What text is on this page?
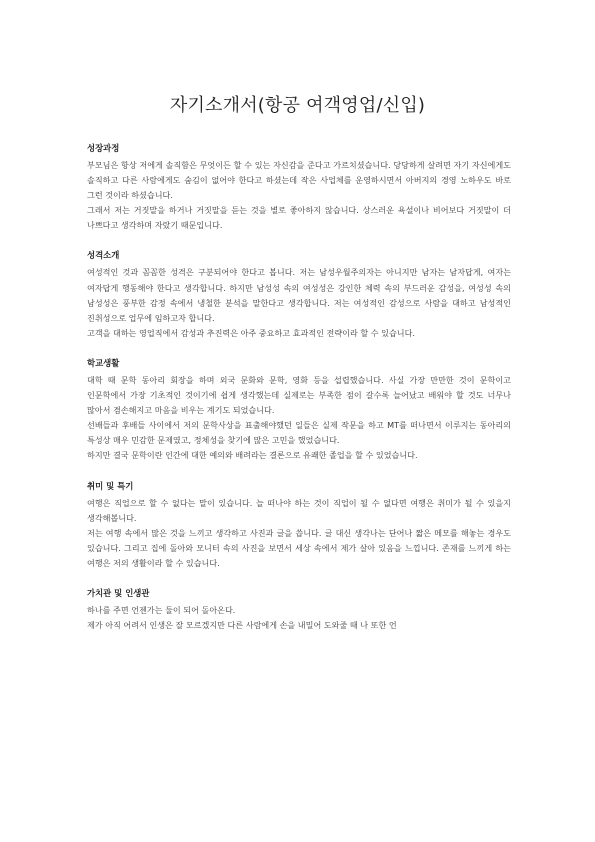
자기소개서(항공 여객영업/신입)
성장과정

부모님은 항상 저에게 솔직함은 무엇이든 할 수 있는 자신감을 준다고 가르치셨습니다. 당당하게 살려면 자기 자신에게도 솔직하고 다른 사람에게도 숨김이 없어야 한다고 하셨는데 작은 사업체를 운영하시면서 아버지의 경영 노하우도 바로 그런 것이라 하셨습니다.

그래서 저는 거짓말을 하거나 거짓말을 듣는 것을 별로 좋아하지 않습니다. 상스러운 욕설이나 비어보다 거짓말이 더 나쁘다고 생각하며 자랐기 때문입니다.

성격소개

여성적인 것과 꼼꼼한 성격은 구분되어야 한다고 봅니다. 저는 남성우월주의자는 아니지만 남자는 남자답게, 여자는 여자답게 행동해야 한다고 생각합니다. 하지만 남성성 속의 여성성은 강인한 체력 속의 부드러운 감성을, 여성성 속의 남성성은 풍부한 감정 속에서 냉철한 분석을 말한다고 생각합니다. 저는 여성적인 감성으로 사람을 대하고 남성적인 진취성으로 업무에 임하고자 합니다.

고객을 대하는 영업직에서 감성과 추진력은 아주 중요하고 효과적인 전략이라 할 수 있습니다.

학교생활

대학 때 문학 동아리 회장을 하며 외국 문화와 문학, 영화 등을 섭렵했습니다. 사실 가장 만만한 것이 문학이고 인문학에서 가장 기초적인 것이기에 쉽게 생각했는데 실제로는 부족한 점이 갈수록 늘어났고 배워야 할 것도 너무나 많아서 겸손해지고 마음을 비우는 계기도 되었습니다.

선배들과 후배들 사이에서 저의 문학사상을 표출해야했던 일들은 실제 작문을 하고 MT를 떠나면서 이루지는 동아리의 특성상 매우 민감한 문제였고, 정체성을 찾기에 많은 고민을 했었습니다.

하지만 결국 문학이란 인간에 대한 예의와 배려라는 결론으로 유쾌한 졸업을 할 수 있었습니다.

취미 및 특기

여행은 직업으로 할 수 없다는 말이 있습니다. 늘 떠나야 하는 것이 직업이 될 수 없다면 여행은 취미가 될 수 있을지 생각해봅니다.

저는 여행 속에서 많은 것을 느끼고 생각하고 사진과 글을 씁니다. 글 대신 생각나는 단어나 짧은 메모를 해놓는 경우도 있습니다. 그리고 집에 돌아와 모니터 속의 사진을 보면서 세상 속에서 제가 살아 있음을 느낍니다. 존재를 느끼게 하는 여행은 저의 생활이라 할 수 있습니다.

가치관 및 인생관

하나를 주면 언젠가는 둘이 되어 돌아온다.

제가 아직 어려서 인생은 잘 모르겠지만 다른 사람에게 손을 내밀어 도와줄 때 나 또한 언
